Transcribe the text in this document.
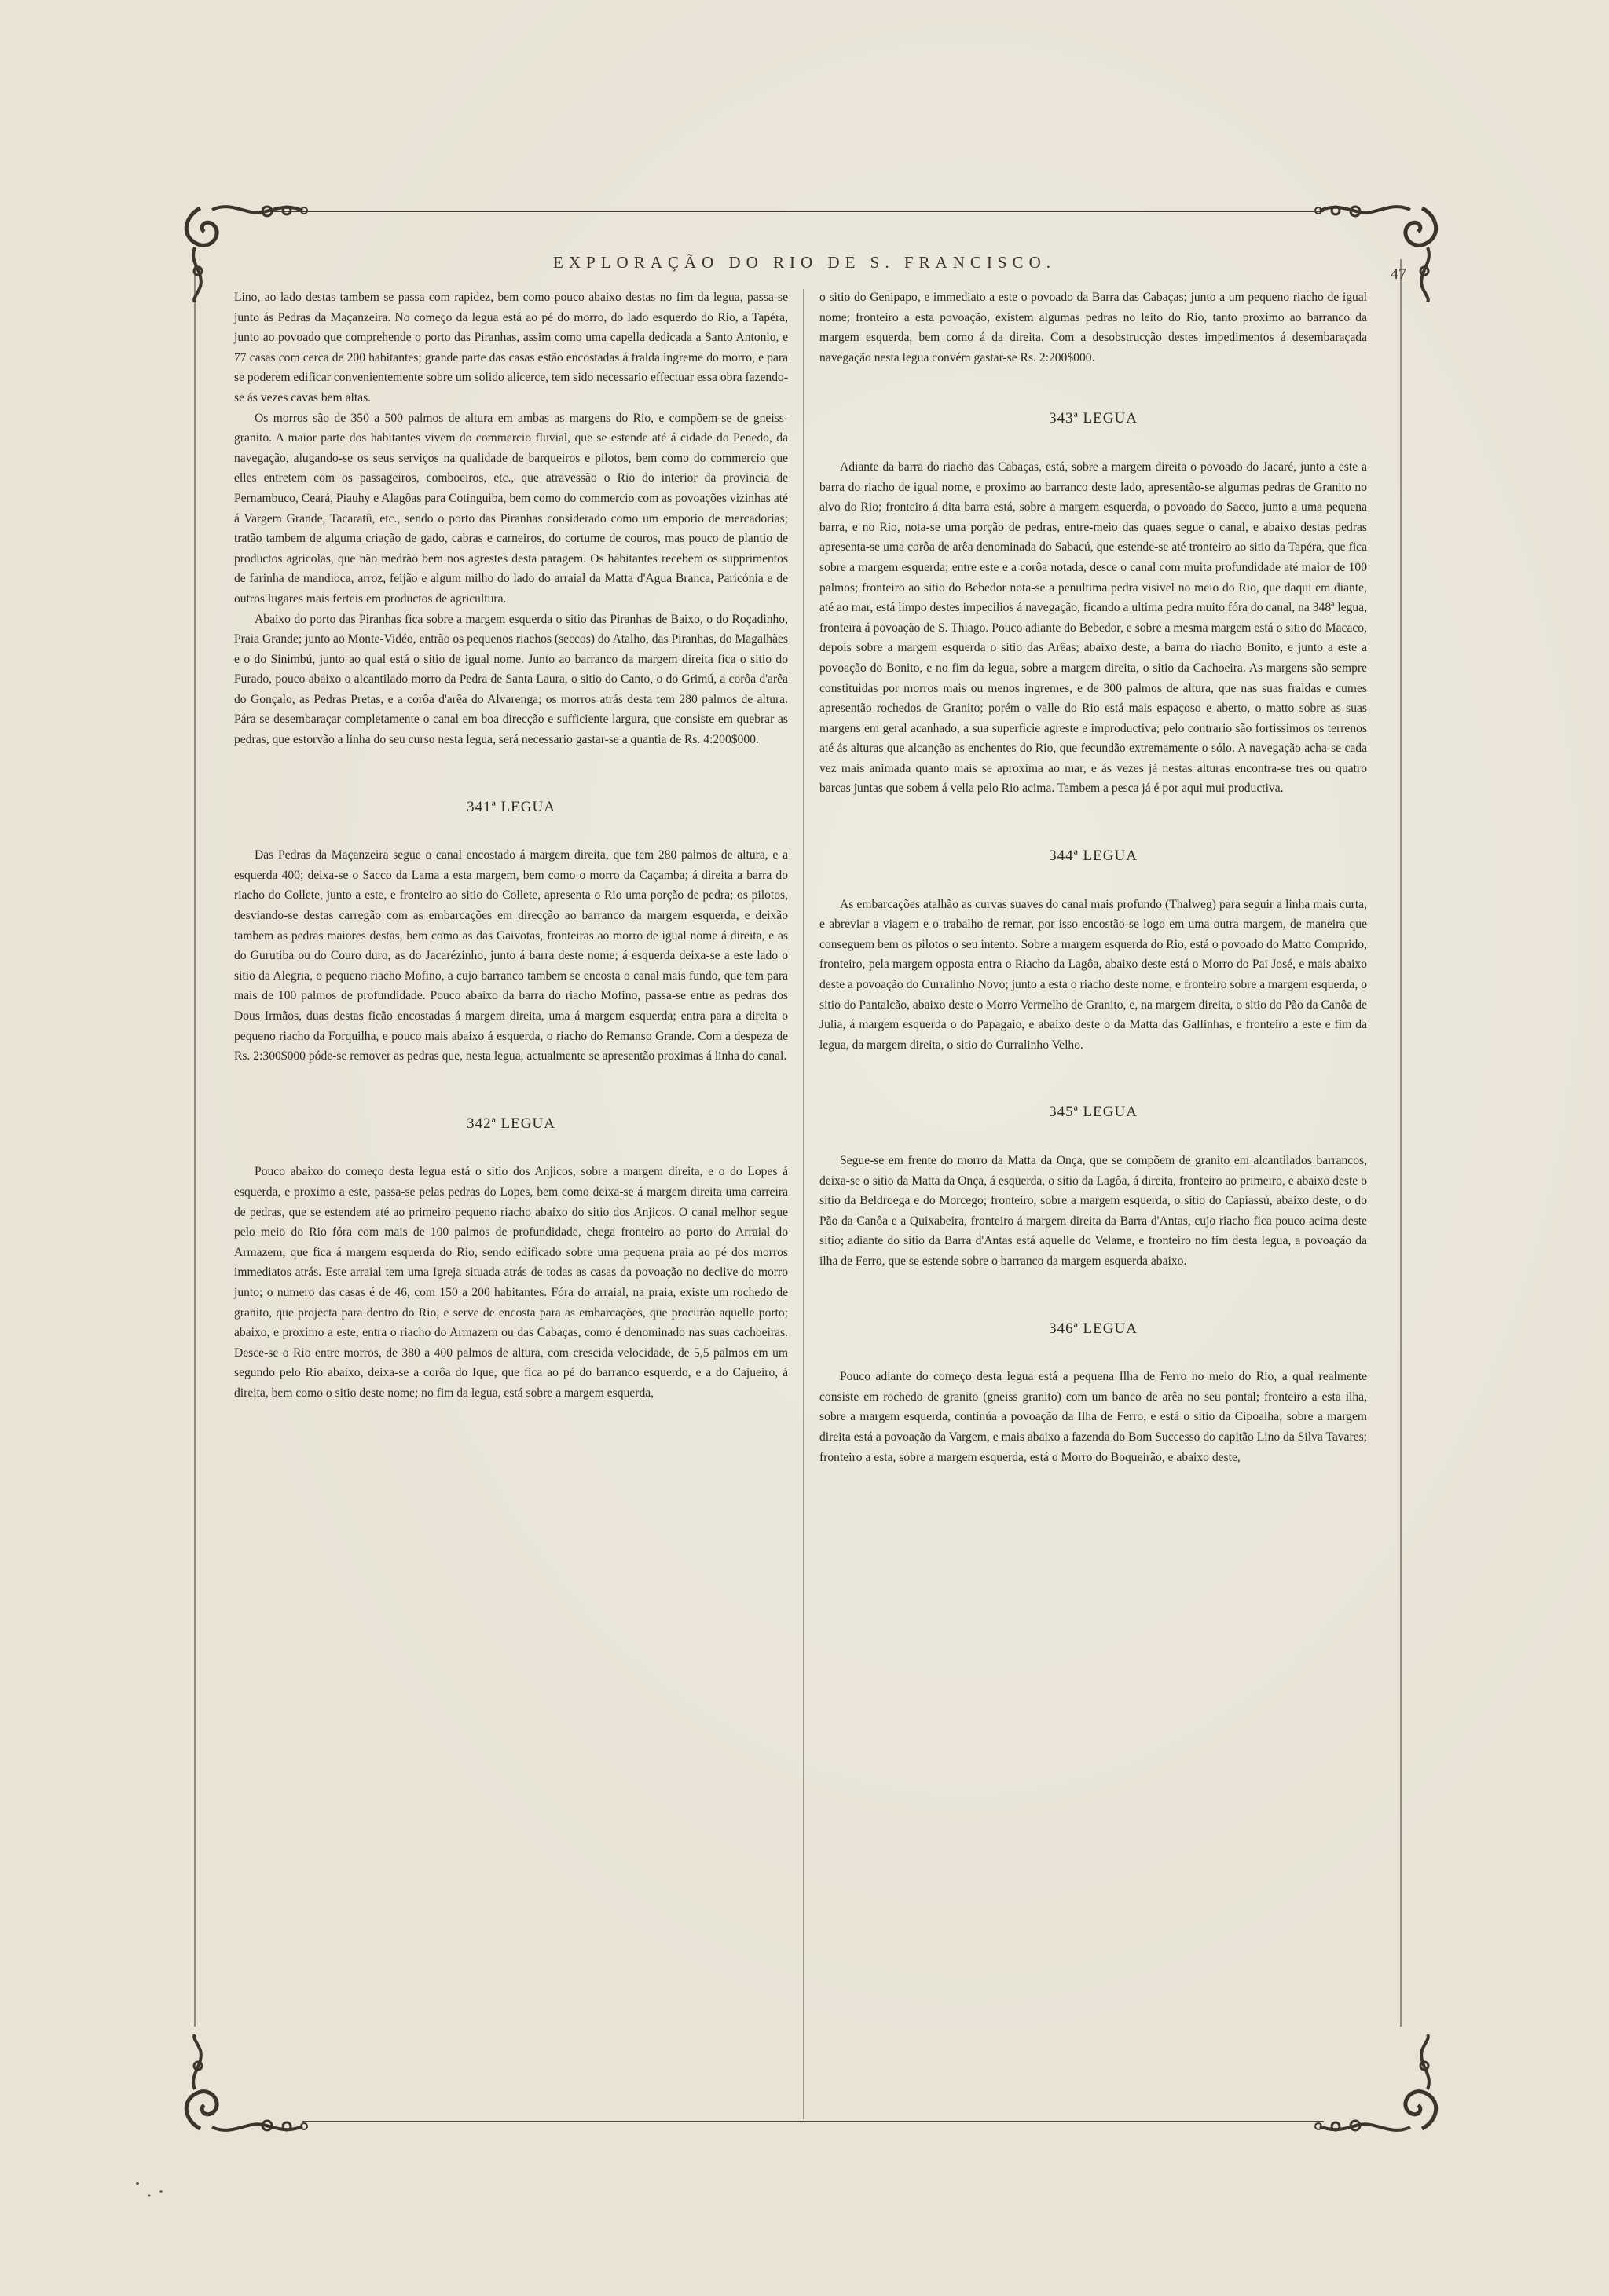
EXPLORAÇÃO DO RIO DE S. FRANCISCO.
47

Lino, ao lado destas tambem se passa com rapidez, bem como pouco abaixo destas no fim da legua, passa-se junto ás Pedras da Maçanzeira. No começo da legua está ao pé do morro, do lado esquerdo do Rio, a Tapéra, junto ao povoado que comprehende o porto das Piranhas, assim como uma capella dedicada a Santo Antonio, e 77 casas com cerca de 200 habitantes; grande parte das casas estão encostadas á fralda ingreme do morro, e para se poderem edificar convenientemente sobre um solido alicerce, tem sido necessario effectuar essa obra fazendo-se ás vezes cavas bem altas.

Os morros são de 350 a 500 palmos de altura em ambas as margens do Rio, e compõem-se de gneiss-granito. A maior parte dos habitantes vivem do commercio fluvial, que se estende até á cidade do Penedo, da navegação, alugando-se os seus serviços na qualidade de barqueiros e pilotos, bem como do commercio que elles entretem com os passageiros, comboeiros, etc., que atravessão o Rio do interior da provincia de Pernambuco, Ceará, Piauhy e Alagôas para Cotinguiba, bem como do commercio com as povoações vizinhas até á Vargem Grande, Tacaratû, etc., sendo o porto das Piranhas considerado como um emporio de mercadorias; tratão tambem de alguma criação de gado, cabras e carneiros, do cortume de couros, mas pouco de plantio de productos agricolas, que não medrão bem nos agrestes desta paragem. Os habitantes recebem os supprimentos de farinha de mandioca, arroz, feijão e algum milho do lado do arraial da Matta d'Agua Branca, Paricónia e de outros lugares mais ferteis em productos de agricultura.

Abaixo do porto das Piranhas fica sobre a margem esquerda o sitio das Piranhas de Baixo, o do Roçadinho, Praia Grande; junto ao Monte-Vidéo, entrão os pequenos riachos (seccos) do Atalho, das Piranhas, do Magalhães e o do Sinimbú, junto ao qual está o sitio de igual nome. Junto ao barranco da margem direita fica o sitio do Furado, pouco abaixo o alcantilado morro da Pedra de Santa Laura, o sitio do Canto, o do Grimú, a corôa d'arêa do Gonçalo, as Pedras Pretas, e a corôa d'arêa do Alvarenga; os morros atrás desta tem 280 palmos de altura. Pára se desembaraçar completamente o canal em boa direcção e sufficiente largura, que consiste em quebrar as pedras, que estorvão a linha do seu curso nesta legua, será necessario gastar-se a quantia de Rs. 4:200$000.

341ª LEGUA

Das Pedras da Maçanzeira segue o canal encostado á margem direita, que tem 280 palmos de altura, e a esquerda 400; deixa-se o Sacco da Lama a esta margem, bem como o morro da Caçamba; á direita a barra do riacho do Collete, junto a este, e fronteiro ao sitio do Collete, apresenta o Rio uma porção de pedra; os pilotos, desviando-se destas carregão com as embarcações em direcção ao barranco da margem esquerda, e deixão tambem as pedras maiores destas, bem como as das Gaivotas, fronteiras ao morro de igual nome á direita, e as do Gurutiba ou do Couro duro, as do Jacarézinho, junto á barra deste nome; á esquerda deixa-se a este lado o sitio da Alegria, o pequeno riacho Mofino, a cujo barranco tambem se encosta o canal mais fundo, que tem para mais de 100 palmos de profundidade. Pouco abaixo da barra do riacho Mofino, passa-se entre as pedras dos Dous Irmãos, duas destas ficão encostadas á margem direita, uma á margem esquerda; entra para a direita o pequeno riacho da Forquilha, e pouco mais abaixo á esquerda, o riacho do Remanso Grande. Com a despeza de Rs. 2:300$000 póde-se remover as pedras que, nesta legua, actualmente se apresentão proximas á linha do canal.

342ª LEGUA

Pouco abaixo do começo desta legua está o sitio dos Anjicos, sobre a margem direita, e o do Lopes á esquerda, e proximo a este, passa-se pelas pedras do Lopes, bem como deixa-se á margem direita uma carreira de pedras, que se estendem até ao primeiro pequeno riacho abaixo do sitio dos Anjicos. O canal melhor segue pelo meio do Rio fóra com mais de 100 palmos de profundidade, chega fronteiro ao porto do Arraial do Armazem, que fica á margem esquerda do Rio, sendo edificado sobre uma pequena praia ao pé dos morros immediatos atrás. Este arraial tem uma Igreja situada atrás de todas as casas da povoação no declive do morro junto; o numero das casas é de 46, com 150 a 200 habitantes. Fóra do arraial, na praia, existe um rochedo de granito, que projecta para dentro do Rio, e serve de encosta para as embarcações, que procurão aquelle porto; abaixo, e proximo a este, entra o riacho do Armazem ou das Cabaças, como é denominado nas suas cachoeiras. Desce-se o Rio entre morros, de 380 a 400 palmos de altura, com crescida velocidade, de 5,5 palmos em um segundo pelo Rio abaixo, deixa-se a corôa do Ique, que fica ao pé do barranco esquerdo, e a do Cajueiro, á direita, bem como o sitio deste nome; no fim da legua, está sobre a margem esquerda,

o sitio do Genipapo, e immediato a este o povoado da Barra das Cabaças; junto a um pequeno riacho de igual nome; fronteiro a esta povoação, existem algumas pedras no leito do Rio, tanto proximo ao barranco da margem esquerda, bem como á da direita. Com a desobstrucção destes impedimentos á desembaraçada navegação nesta legua convém gastar-se Rs. 2:200$000.

343ª LEGUA

Adiante da barra do riacho das Cabaças, está, sobre a margem direita o povoado do Jacaré, junto a este a barra do riacho de igual nome, e proximo ao barranco deste lado, apresentão-se algumas pedras de Granito no alvo do Rio; fronteiro á dita barra está, sobre a margem esquerda, o povoado do Sacco, junto a uma pequena barra, e no Rio, nota-se uma porção de pedras, entre-meio das quaes segue o canal, e abaixo destas pedras apresenta-se uma corôa de arêa denominada do Sabacú, que estende-se até tronteiro ao sitio da Tapéra, que fica sobre a margem esquerda; entre este e a corôa notada, desce o canal com muita profundidade até maior de 100 palmos; fronteiro ao sitio do Bebedor nota-se a penultima pedra visivel no meio do Rio, que daqui em diante, até ao mar, está limpo destes impecilios á navegação, ficando a ultima pedra muito fóra do canal, na 348ª legua, fronteira á povoação de S. Thiago. Pouco adiante do Bebedor, e sobre a mesma margem está o sitio do Macaco, depois sobre a margem esquerda o sitio das Arêas; abaixo deste, a barra do riacho Bonito, e junto a este a povoação do Bonito, e no fim da legua, sobre a margem direita, o sitio da Cachoeira. As margens são sempre constituidas por morros mais ou menos ingremes, e de 300 palmos de altura, que nas suas fraldas e cumes apresentão rochedos de Granito; porém o valle do Rio está mais espaçoso e aberto, o matto sobre as suas margens em geral acanhado, a sua superficie agreste e improductiva; pelo contrario são fortissimos os terrenos até ás alturas que alcanção as enchentes do Rio, que fecundão extremamente o sólo. A navegação acha-se cada vez mais animada quanto mais se aproxima ao mar, e ás vezes já nestas alturas encontra-se tres ou quatro barcas juntas que sobem á vella pelo Rio acima. Tambem a pesca já é por aqui mui productiva.

344ª LEGUA

As embarcações atalhão as curvas suaves do canal mais profundo (Thalweg) para seguir a linha mais curta, e abreviar a viagem e o trabalho de remar, por isso encostão-se logo em uma outra margem, de maneira que conseguem bem os pilotos o seu intento. Sobre a margem esquerda do Rio, está o povoado do Matto Comprido, fronteiro, pela margem opposta entra o Riacho da Lagôa, abaixo deste está o Morro do Pai José, e mais abaixo deste a povoação do Curralinho Novo; junto a esta o riacho deste nome, e fronteiro sobre a margem esquerda, o sitio do Pantalcão, abaixo deste o Morro Vermelho de Granito, e, na margem direita, o sitio do Pão da Canôa de Julia, á margem esquerda o do Papagaio, e abaixo deste o da Matta das Gallinhas, e fronteiro a este e fim da legua, da margem direita, o sitio do Curralinho Velho.

345ª LEGUA

Segue-se em frente do morro da Matta da Onça, que se compõem de granito em alcantilados barrancos, deixa-se o sitio da Matta da Onça, á esquerda, o sitio da Lagôa, á direita, fronteiro ao primeiro, e abaixo deste o sitio da Beldroega e do Morcego; fronteiro, sobre a margem esquerda, o sitio do Capiassú, abaixo deste, o do Pão da Canôa e a Quixabeira, fronteiro á margem direita da Barra d'Antas, cujo riacho fica pouco acima deste sitio; adiante do sitio da Barra d'Antas está aquelle do Velame, e fronteiro no fim desta legua, a povoação da ilha de Ferro, que se estende sobre o barranco da margem esquerda abaixo.

346ª LEGUA

Pouco adiante do começo desta legua está a pequena Ilha de Ferro no meio do Rio, a qual realmente consiste em rochedo de granito (gneiss granito) com um banco de arêa no seu pontal; fronteiro a esta ilha, sobre a margem esquerda, continúa a povoação da Ilha de Ferro, e está o sitio da Cipoalha; sobre a margem direita está a povoação da Vargem, e mais abaixo a fazenda do Bom Successo do capitão Lino da Silva Tavares; fronteiro a esta, sobre a margem esquerda, está o Morro do Boqueirão, e abaixo deste,
